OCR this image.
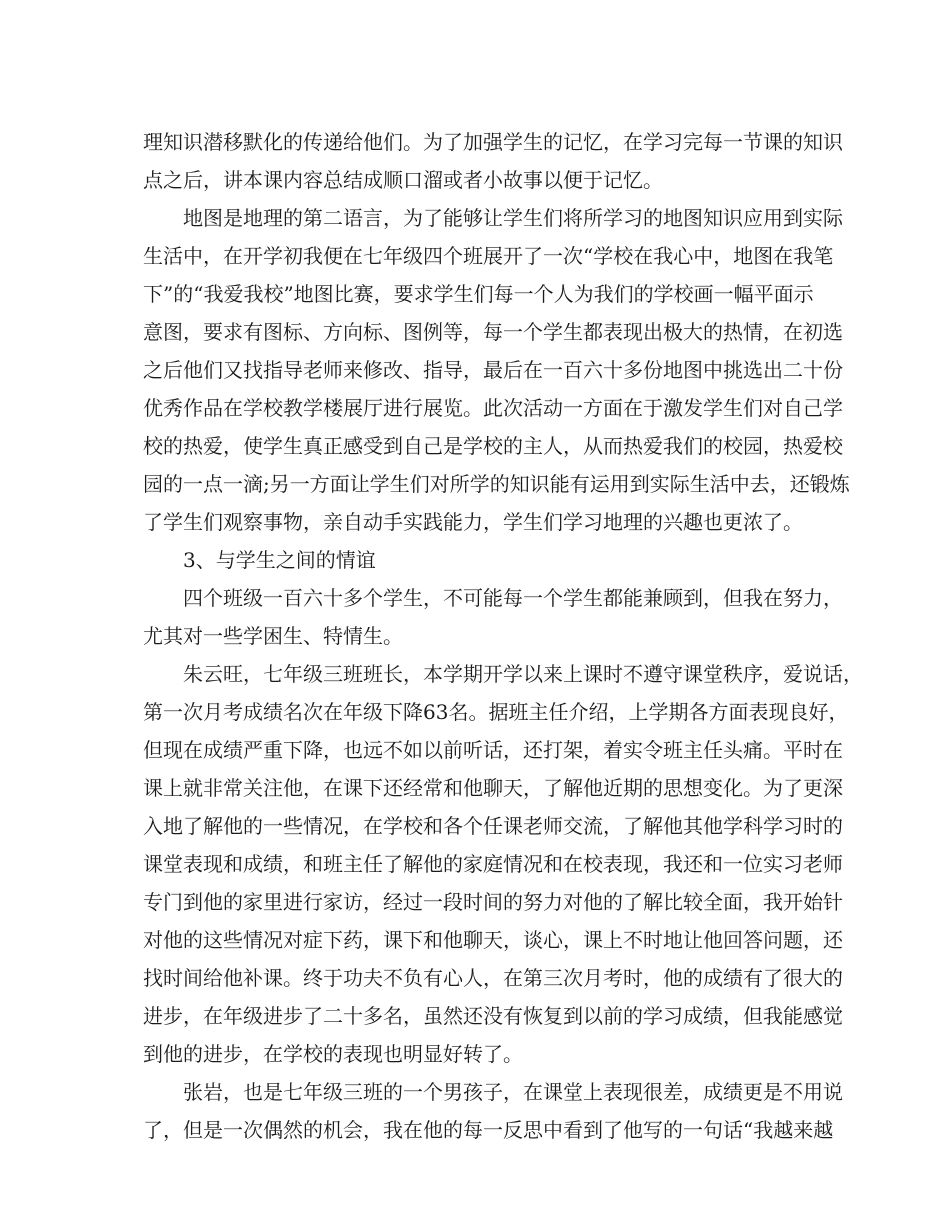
理知识潜移默化的传递给他们。为了加强学生的记忆，在学习完每一节课的知识
点之后，讲本课内容总结成顺口溜或者小故事以便于记忆。
地图是地理的第二语言，为了能够让学生们将所学习的地图知识应用到实际
生活中，在开学初我便在七年级四个班展开了一次“学校在我心中，地图在我笔
下”的“我爱我校”地图比赛，要求学生们每一个人为我们的学校画一幅平面示
意图，要求有图标、方向标、图例等，每一个学生都表现出极大的热情，在初选
之后他们又找指导老师来修改、指导，最后在一百六十多份地图中挑选出二十份
优秀作品在学校教学楼展厅进行展览。此次活动一方面在于激发学生们对自己学
校的热爱，使学生真正感受到自己是学校的主人，从而热爱我们的校园，热爱校
园的一点一滴;另一方面让学生们对所学的知识能有运用到实际生活中去，还锻炼
了学生们观察事物，亲自动手实践能力，学生们学习地理的兴趣也更浓了。
3、与学生之间的情谊
四个班级一百六十多个学生，不可能每一个学生都能兼顾到，但我在努力，
尤其对一些学困生、特情生。
朱云旺，七年级三班班长，本学期开学以来上课时不遵守课堂秩序，爱说话，
第一次月考成绩名次在年级下降63名。据班主任介绍，上学期各方面表现良好，
但现在成绩严重下降，也远不如以前听话，还打架，着实令班主任头痛。平时在
课上就非常关注他，在课下还经常和他聊天，了解他近期的思想变化。为了更深
入地了解他的一些情况，在学校和各个任课老师交流，了解他其他学科学习时的
课堂表现和成绩，和班主任了解他的家庭情况和在校表现，我还和一位实习老师
专门到他的家里进行家访，经过一段时间的努力对他的了解比较全面，我开始针
对他的这些情况对症下药，课下和他聊天，谈心，课上不时地让他回答问题，还
找时间给他补课。终于功夫不负有心人，在第三次月考时，他的成绩有了很大的
进步，在年级进步了二十多名，虽然还没有恢复到以前的学习成绩，但我能感觉
到他的进步，在学校的表现也明显好转了。
张岩，也是七年级三班的一个男孩子，在课堂上表现很差，成绩更是不用说
了，但是一次偶然的机会，我在他的每一反思中看到了他写的一句话“我越来越
